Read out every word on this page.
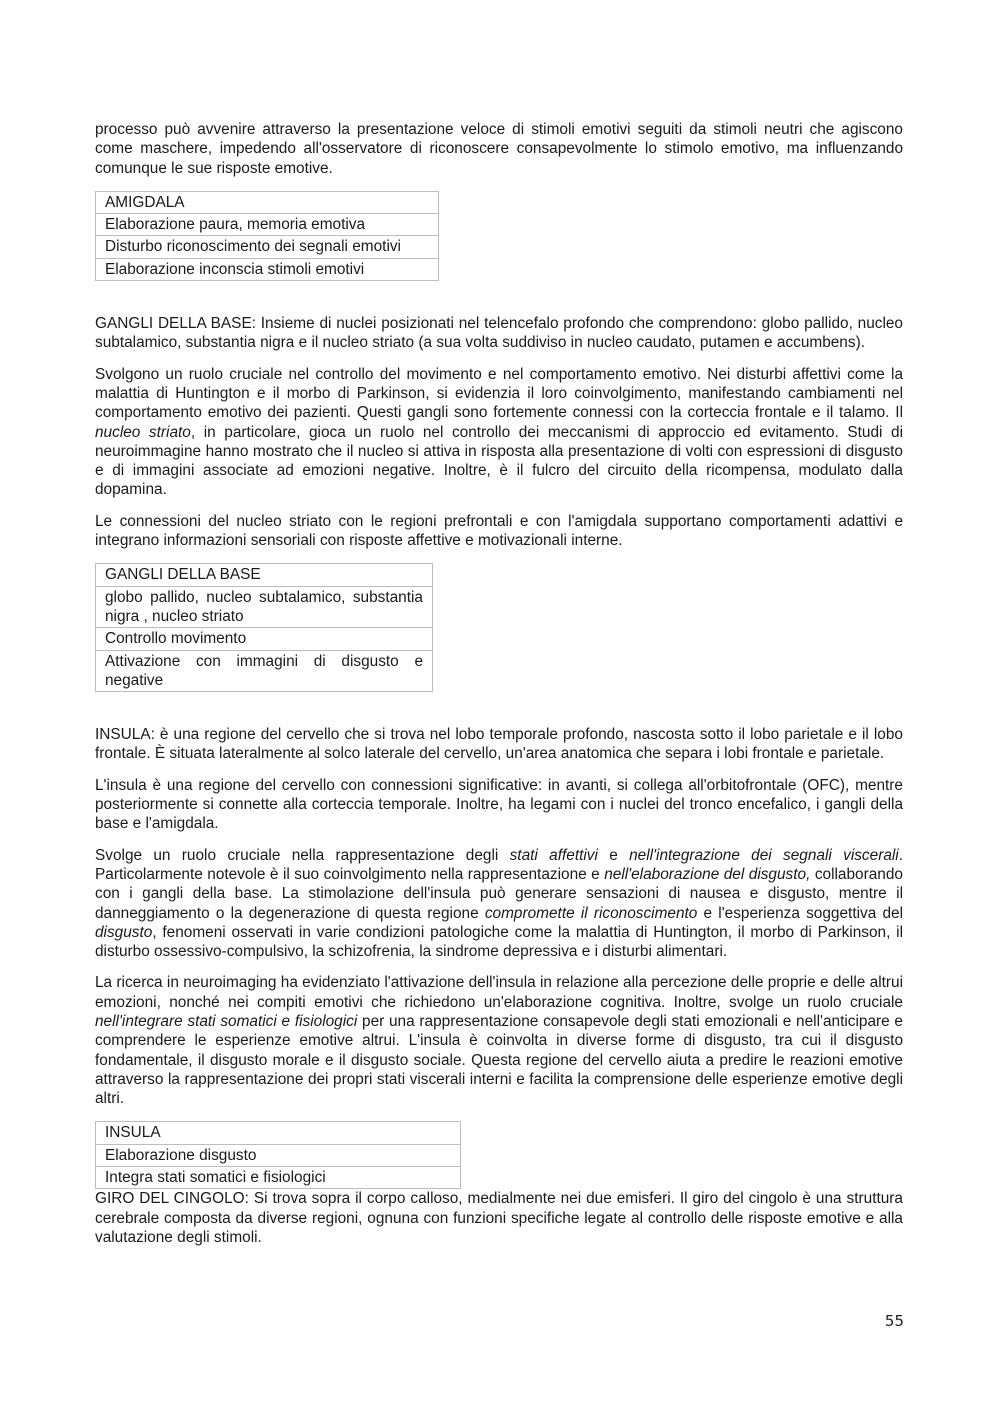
processo può avvenire attraverso la presentazione veloce di stimoli emotivi seguiti da stimoli neutri che agiscono come maschere, impedendo all'osservatore di riconoscere consapevolmente lo stimolo emotivo, ma influenzando comunque le sue risposte emotive.

AMIGDALA
Elaborazione paura, memoria emotiva
Disturbo riconoscimento dei segnali emotivi
Elaborazione inconscia stimoli emotivi

GANGLI DELLA BASE: Insieme di nuclei posizionati nel telencefalo profondo che comprendono: globo pallido, nucleo subtalamico, substantia nigra e il nucleo striato (a sua volta suddiviso in nucleo caudato, putamen e accumbens).

Svolgono un ruolo cruciale nel controllo del movimento e nel comportamento emotivo. Nei disturbi affettivi come la malattia di Huntington e il morbo di Parkinson, si evidenzia il loro coinvolgimento, manifestando cambiamenti nel comportamento emotivo dei pazienti. Questi gangli sono fortemente connessi con la corteccia frontale e il talamo. Il nucleo striato, in particolare, gioca un ruolo nel controllo dei meccanismi di approccio ed evitamento. Studi di neuroimmagine hanno mostrato che il nucleo si attiva in risposta alla presentazione di volti con espressioni di disgusto e di immagini associate ad emozioni negative. Inoltre, è il fulcro del circuito della ricompensa, modulato dalla dopamina.

Le connessioni del nucleo striato con le regioni prefrontali e con l'amigdala supportano comportamenti adattivi e integrano informazioni sensoriali con risposte affettive e motivazionali interne.

GANGLI DELLA BASE
globo pallido, nucleo subtalamico, substantia nigra , nucleo striato
Controllo movimento
Attivazione con immagini di disgusto e negative

INSULA: è una regione del cervello che si trova nel lobo temporale profondo, nascosta sotto il lobo parietale e il lobo frontale. È situata lateralmente al solco laterale del cervello, un'area anatomica che separa i lobi frontale e parietale.

L'insula è una regione del cervello con connessioni significative: in avanti, si collega all'orbitofrontale (OFC), mentre posteriormente si connette alla corteccia temporale. Inoltre, ha legami con i nuclei del tronco encefalico, i gangli della base e l'amigdala.

Svolge un ruolo cruciale nella rappresentazione degli stati affettivi e nell'integrazione dei segnali viscerali. Particolarmente notevole è il suo coinvolgimento nella rappresentazione e nell'elaborazione del disgusto, collaborando con i gangli della base. La stimolazione dell'insula può generare sensazioni di nausea e disgusto, mentre il danneggiamento o la degenerazione di questa regione compromette il riconoscimento e l'esperienza soggettiva del disgusto, fenomeni osservati in varie condizioni patologiche come la malattia di Huntington, il morbo di Parkinson, il disturbo ossessivo-compulsivo, la schizofrenia, la sindrome depressiva e i disturbi alimentari.

La ricerca in neuroimaging ha evidenziato l'attivazione dell'insula in relazione alla percezione delle proprie e delle altrui emozioni, nonché nei compiti emotivi che richiedono un'elaborazione cognitiva. Inoltre, svolge un ruolo cruciale nell'integrare stati somatici e fisiologici per una rappresentazione consapevole degli stati emozionali e nell'anticipare e comprendere le esperienze emotive altrui. L'insula è coinvolta in diverse forme di disgusto, tra cui il disgusto fondamentale, il disgusto morale e il disgusto sociale. Questa regione del cervello aiuta a predire le reazioni emotive attraverso la rappresentazione dei propri stati viscerali interni e facilita la comprensione delle esperienze emotive degli altri.

INSULA
Elaborazione disgusto
Integra stati somatici e fisiologici

GIRO DEL CINGOLO: Si trova sopra il corpo calloso, medialmente nei due emisferi. Il giro del cingolo è una struttura cerebrale composta da diverse regioni, ognuna con funzioni specifiche legate al controllo delle risposte emotive e alla valutazione degli stimoli.

55
